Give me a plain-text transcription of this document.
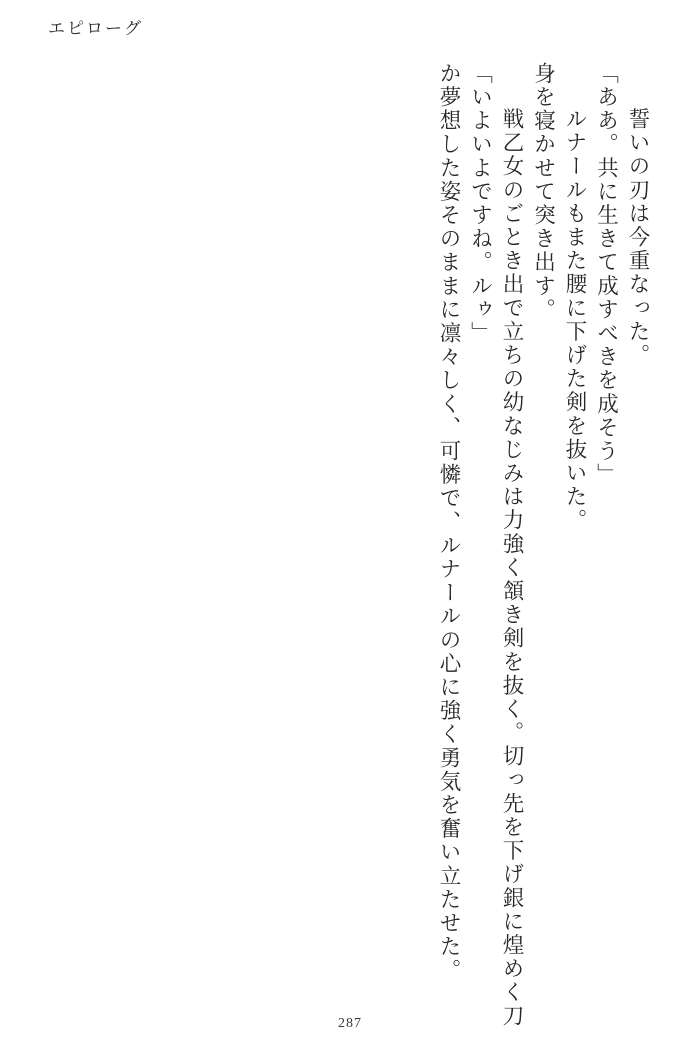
エピローグ
か夢想した姿そのままに凛々しく、可憐で、ルナールの心に強く勇気を奮い立たせた。 「いよいよですね。ルゥ」 　戦乙女のごとき出で立ちの幼なじみは力強く頷き剣を抜く。切っ先を下げ銀に煌めく刀 身を寝かせて突き出す。 　ルナールもまた腰に下げた剣を抜いた。 「ああ。共に生きて成すべきを成そう」 　誓いの刃は今重なった。
287
